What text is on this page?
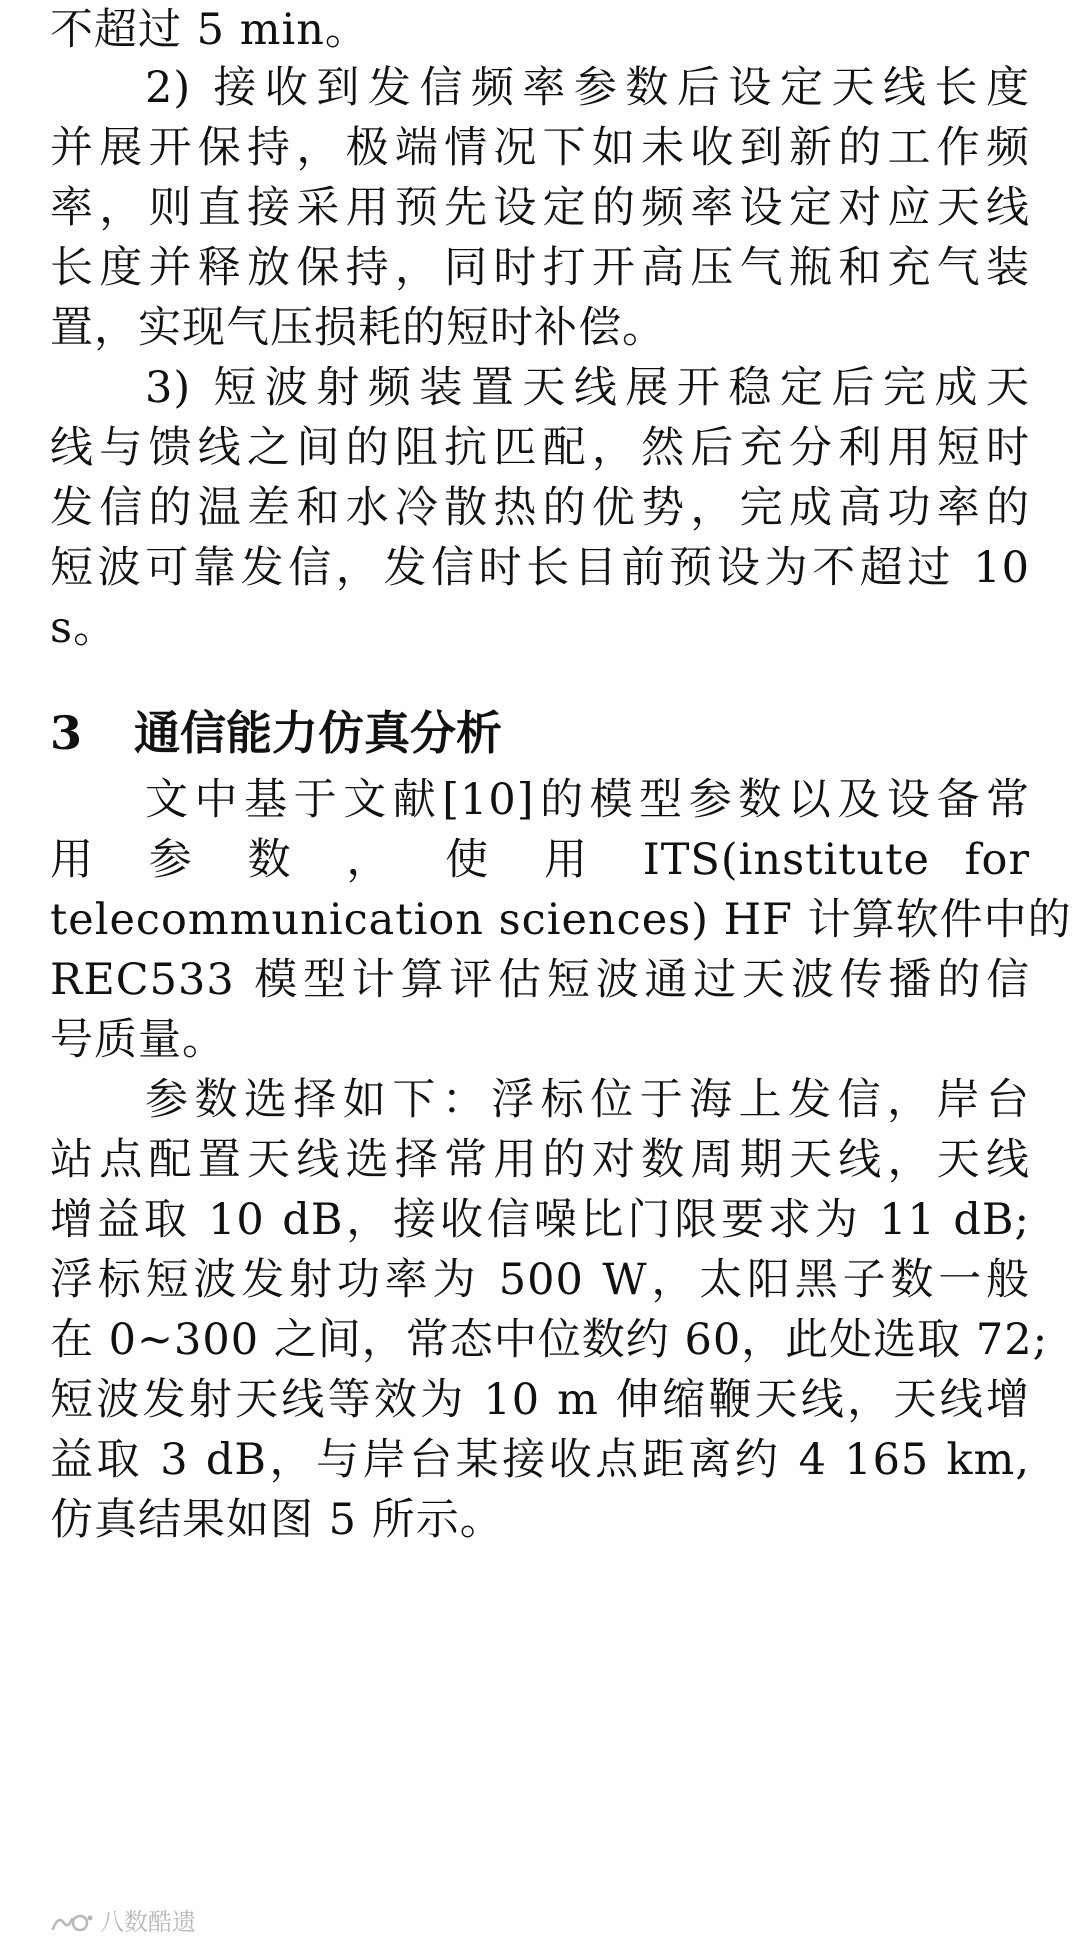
不超过 5 min。
2) 接收到发信频率参数后设定天线长度
并展开保持，极端情况下如未收到新的工作频
率，则直接采用预先设定的频率设定对应天线
长度并释放保持，同时打开高压气瓶和充气装
置，实现气压损耗的短时补偿。
3) 短波射频装置天线展开稳定后完成天
线与馈线之间的阻抗匹配，然后充分利用短时
发信的温差和水冷散热的优势，完成高功率的
短波可靠发信，发信时长目前预设为不超过 10
s。
3 通信能力仿真分析
文中基于文献[10]的模型参数以及设备常
用 参 数 ， 使 用 ITS(institute for
telecommunication sciences) HF 计算软件中的
REC533 模型计算评估短波通过天波传播的信
号质量。
参数选择如下：浮标位于海上发信，岸台
站点配置天线选择常用的对数周期天线，天线
增益取 10 dB，接收信噪比门限要求为 11 dB;
浮标短波发射功率为 500 W，太阳黑子数一般
在 0~300 之间，常态中位数约 60，此处选取 72;
短波发射天线等效为 10 m 伸缩鞭天线，天线增
益取 3 dB，与岸台某接收点距离约 4 165 km,
仿真结果如图 5 所示。
八数酷遗
